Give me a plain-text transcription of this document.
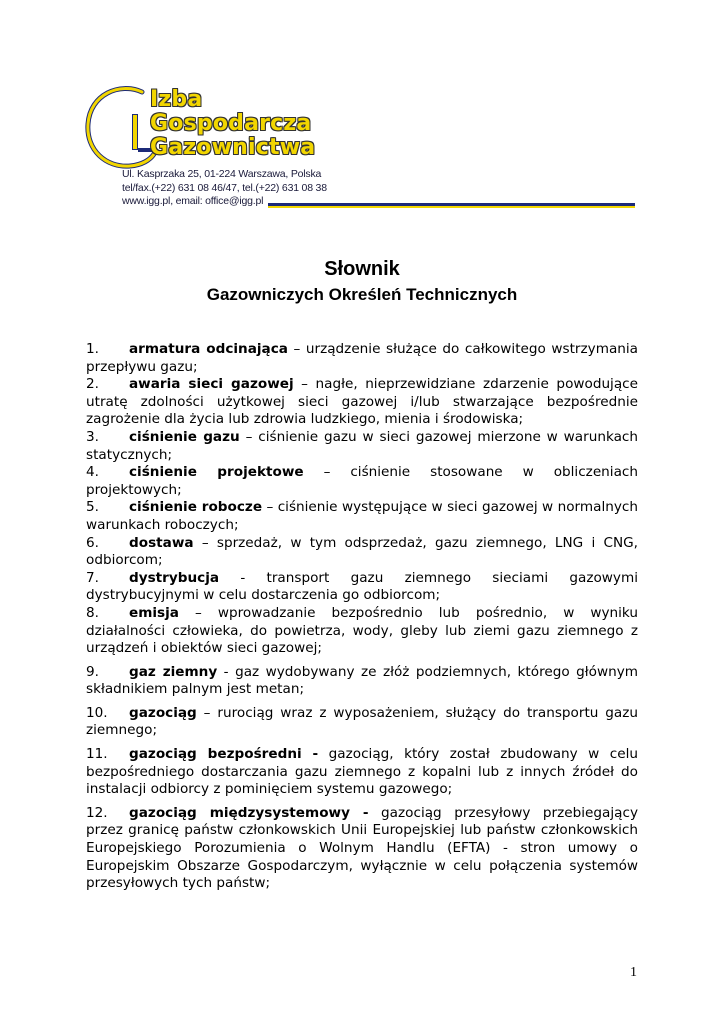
Izba
Gospodarcza
Gazownictwa
Ul. Kasprzaka 25, 01-224 Warszawa, Polska
tel/fax.(+22) 631 08 46/47, tel.(+22) 631 08 38
www.igg.pl, email: office@igg.pl
Słownik
Gazowniczych Określeń Technicznych

1. armatura odcinająca – urządzenie służące do całkowitego wstrzymania przepływu gazu;

2. awaria sieci gazowej – nagłe, nieprzewidziane zdarzenie powodujące utratę zdolności użytkowej sieci gazowej i/lub stwarzające bezpośrednie zagrożenie dla życia lub zdrowia ludzkiego, mienia i środowiska;

3. ciśnienie gazu – ciśnienie gazu w sieci gazowej mierzone w warunkach statycznych;

4. ciśnienie projektowe – ciśnienie stosowane w obliczeniach projektowych;

5. ciśnienie robocze – ciśnienie występujące w sieci gazowej w normalnych warunkach roboczych;

6. dostawa – sprzedaż, w tym odsprzedaż, gazu ziemnego, LNG i CNG, odbiorcom;

7. dystrybucja - transport gazu ziemnego sieciami gazowymi dystrybucyjnymi w celu dostarczenia go odbiorcom;

8. emisja – wprowadzanie bezpośrednio lub pośrednio, w wyniku działalności człowieka, do powietrza, wody, gleby lub ziemi gazu ziemnego z urządzeń i obiektów sieci gazowej;

9. gaz ziemny - gaz wydobywany ze złóż podziemnych, którego głównym składnikiem palnym jest metan;

10. gazociąg – rurociąg wraz z wyposażeniem, służący do transportu gazu ziemnego;

11. gazociąg bezpośredni - gazociąg, który został zbudowany w celu bezpośredniego dostarczania gazu ziemnego z kopalni lub z innych źródeł do instalacji odbiorcy z pominięciem systemu gazowego;

12. gazociąg międzysystemowy - gazociąg przesyłowy przebiegający przez granicę państw członkowskich Unii Europejskiej lub państw członkowskich Europejskiego Porozumienia o Wolnym Handlu (EFTA) - stron umowy o Europejskim Obszarze Gospodarczym, wyłącznie w celu połączenia systemów przesyłowych tych państw;

1
